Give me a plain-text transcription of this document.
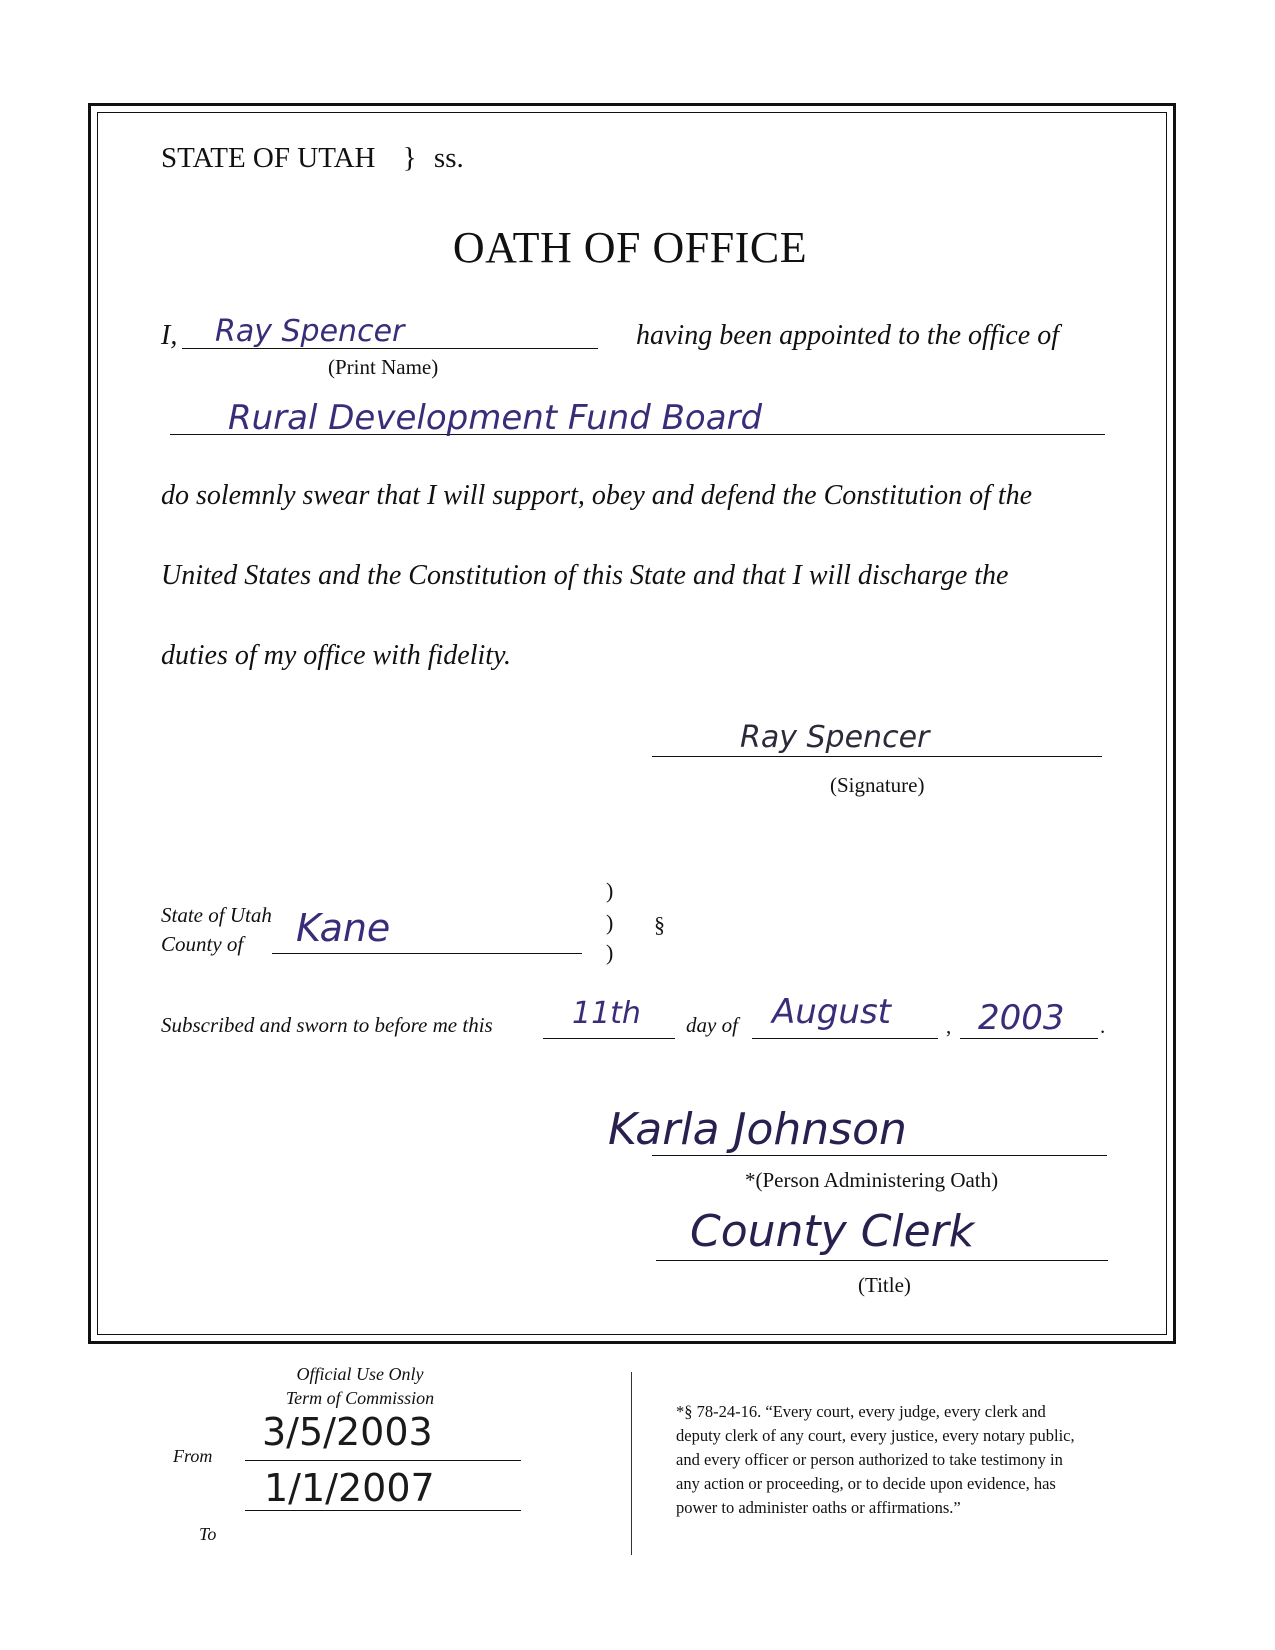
STATE OF UTAH } ss.
OATH OF OFFICE
I, Ray Spencer
(Print Name)
having been appointed to the office of
Rural Development Fund Board
do solemnly swear that I will support, obey and defend the Constitution of the
United States and the Constitution of this State and that I will discharge the
duties of my office with fidelity.
Ray Spencer
(Signature)
State of Utah
County of Kane
)
)
)
§
Subscribed and sworn to before me this	11th day of August	, 2003 .
Karla Johnson
*(Person Administering Oath)
County Clerk
(Title)
Official Use Only
Term of Commission
From
3/5/2003
To
1/1/2007
*§ 78-24-16. “Every court, every judge, every clerk and
deputy clerk of any court, every justice, every notary public,
and every officer or person authorized to take testimony in
any action or proceeding, or to decide upon evidence, has
power to administer oaths or affirmations.”
